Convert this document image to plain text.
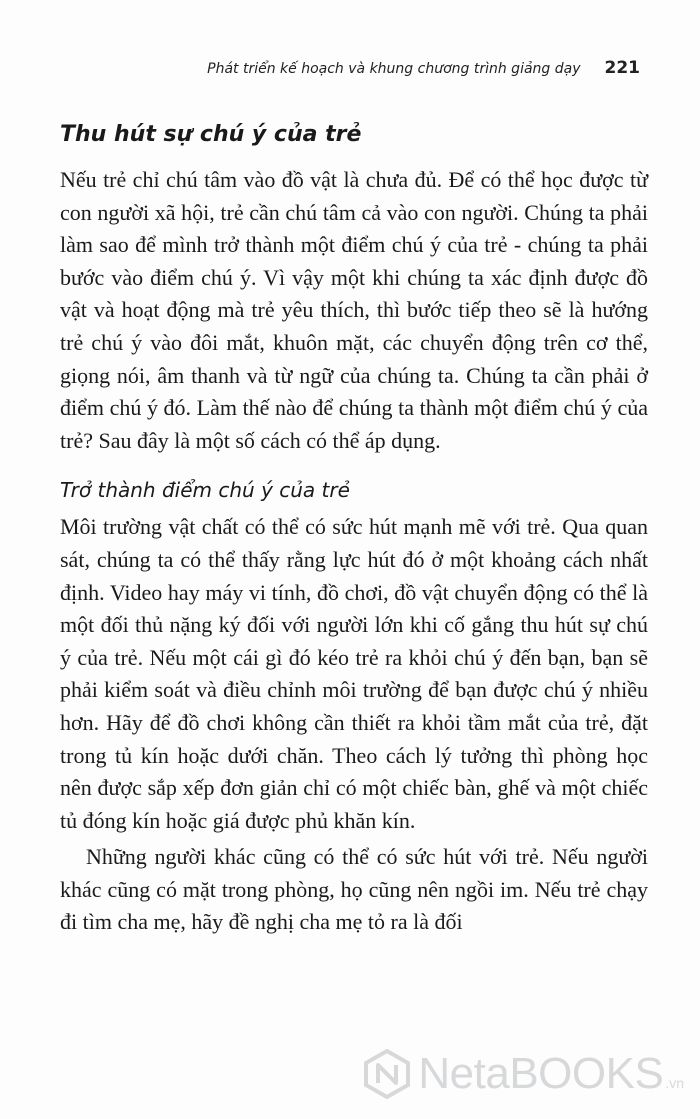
Phát triển kế hoạch và khung chương trình giảng dạy 221
Thu hút sự chú ý của trẻ

Nếu trẻ chỉ chú tâm vào đồ vật là chưa đủ. Để có thể học được từ con người xã hội, trẻ cần chú tâm cả vào con người. Chúng ta phải làm sao để mình trở thành một điểm chú ý của trẻ - chúng ta phải bước vào điểm chú ý. Vì vậy một khi chúng ta xác định được đồ vật và hoạt động mà trẻ yêu thích, thì bước tiếp theo sẽ là hướng trẻ chú ý vào đôi mắt, khuôn mặt, các chuyển động trên cơ thể, giọng nói, âm thanh và từ ngữ của chúng ta. Chúng ta cần phải ở điểm chú ý đó. Làm thế nào để chúng ta thành một điểm chú ý của trẻ? Sau đây là một số cách có thể áp dụng.

Trở thành điểm chú ý của trẻ

Môi trường vật chất có thể có sức hút mạnh mẽ với trẻ. Qua quan sát, chúng ta có thể thấy rằng lực hút đó ở một khoảng cách nhất định. Video hay máy vi tính, đồ chơi, đồ vật chuyển động có thể là một đối thủ nặng ký đối với người lớn khi cố gắng thu hút sự chú ý của trẻ. Nếu một cái gì đó kéo trẻ ra khỏi chú ý đến bạn, bạn sẽ phải kiểm soát và điều chỉnh môi trường để bạn được chú ý nhiều hơn. Hãy để đồ chơi không cần thiết ra khỏi tầm mắt của trẻ, đặt trong tủ kín hoặc dưới chăn. Theo cách lý tưởng thì phòng học nên được sắp xếp đơn giản chỉ có một chiếc bàn, ghế và một chiếc tủ đóng kín hoặc giá được phủ khăn kín.

Những người khác cũng có thể có sức hút với trẻ. Nếu người khác cũng có mặt trong phòng, họ cũng nên ngồi im. Nếu trẻ chạy đi tìm cha mẹ, hãy đề nghị cha mẹ tỏ ra là đối

NetaBOOKS .vn
